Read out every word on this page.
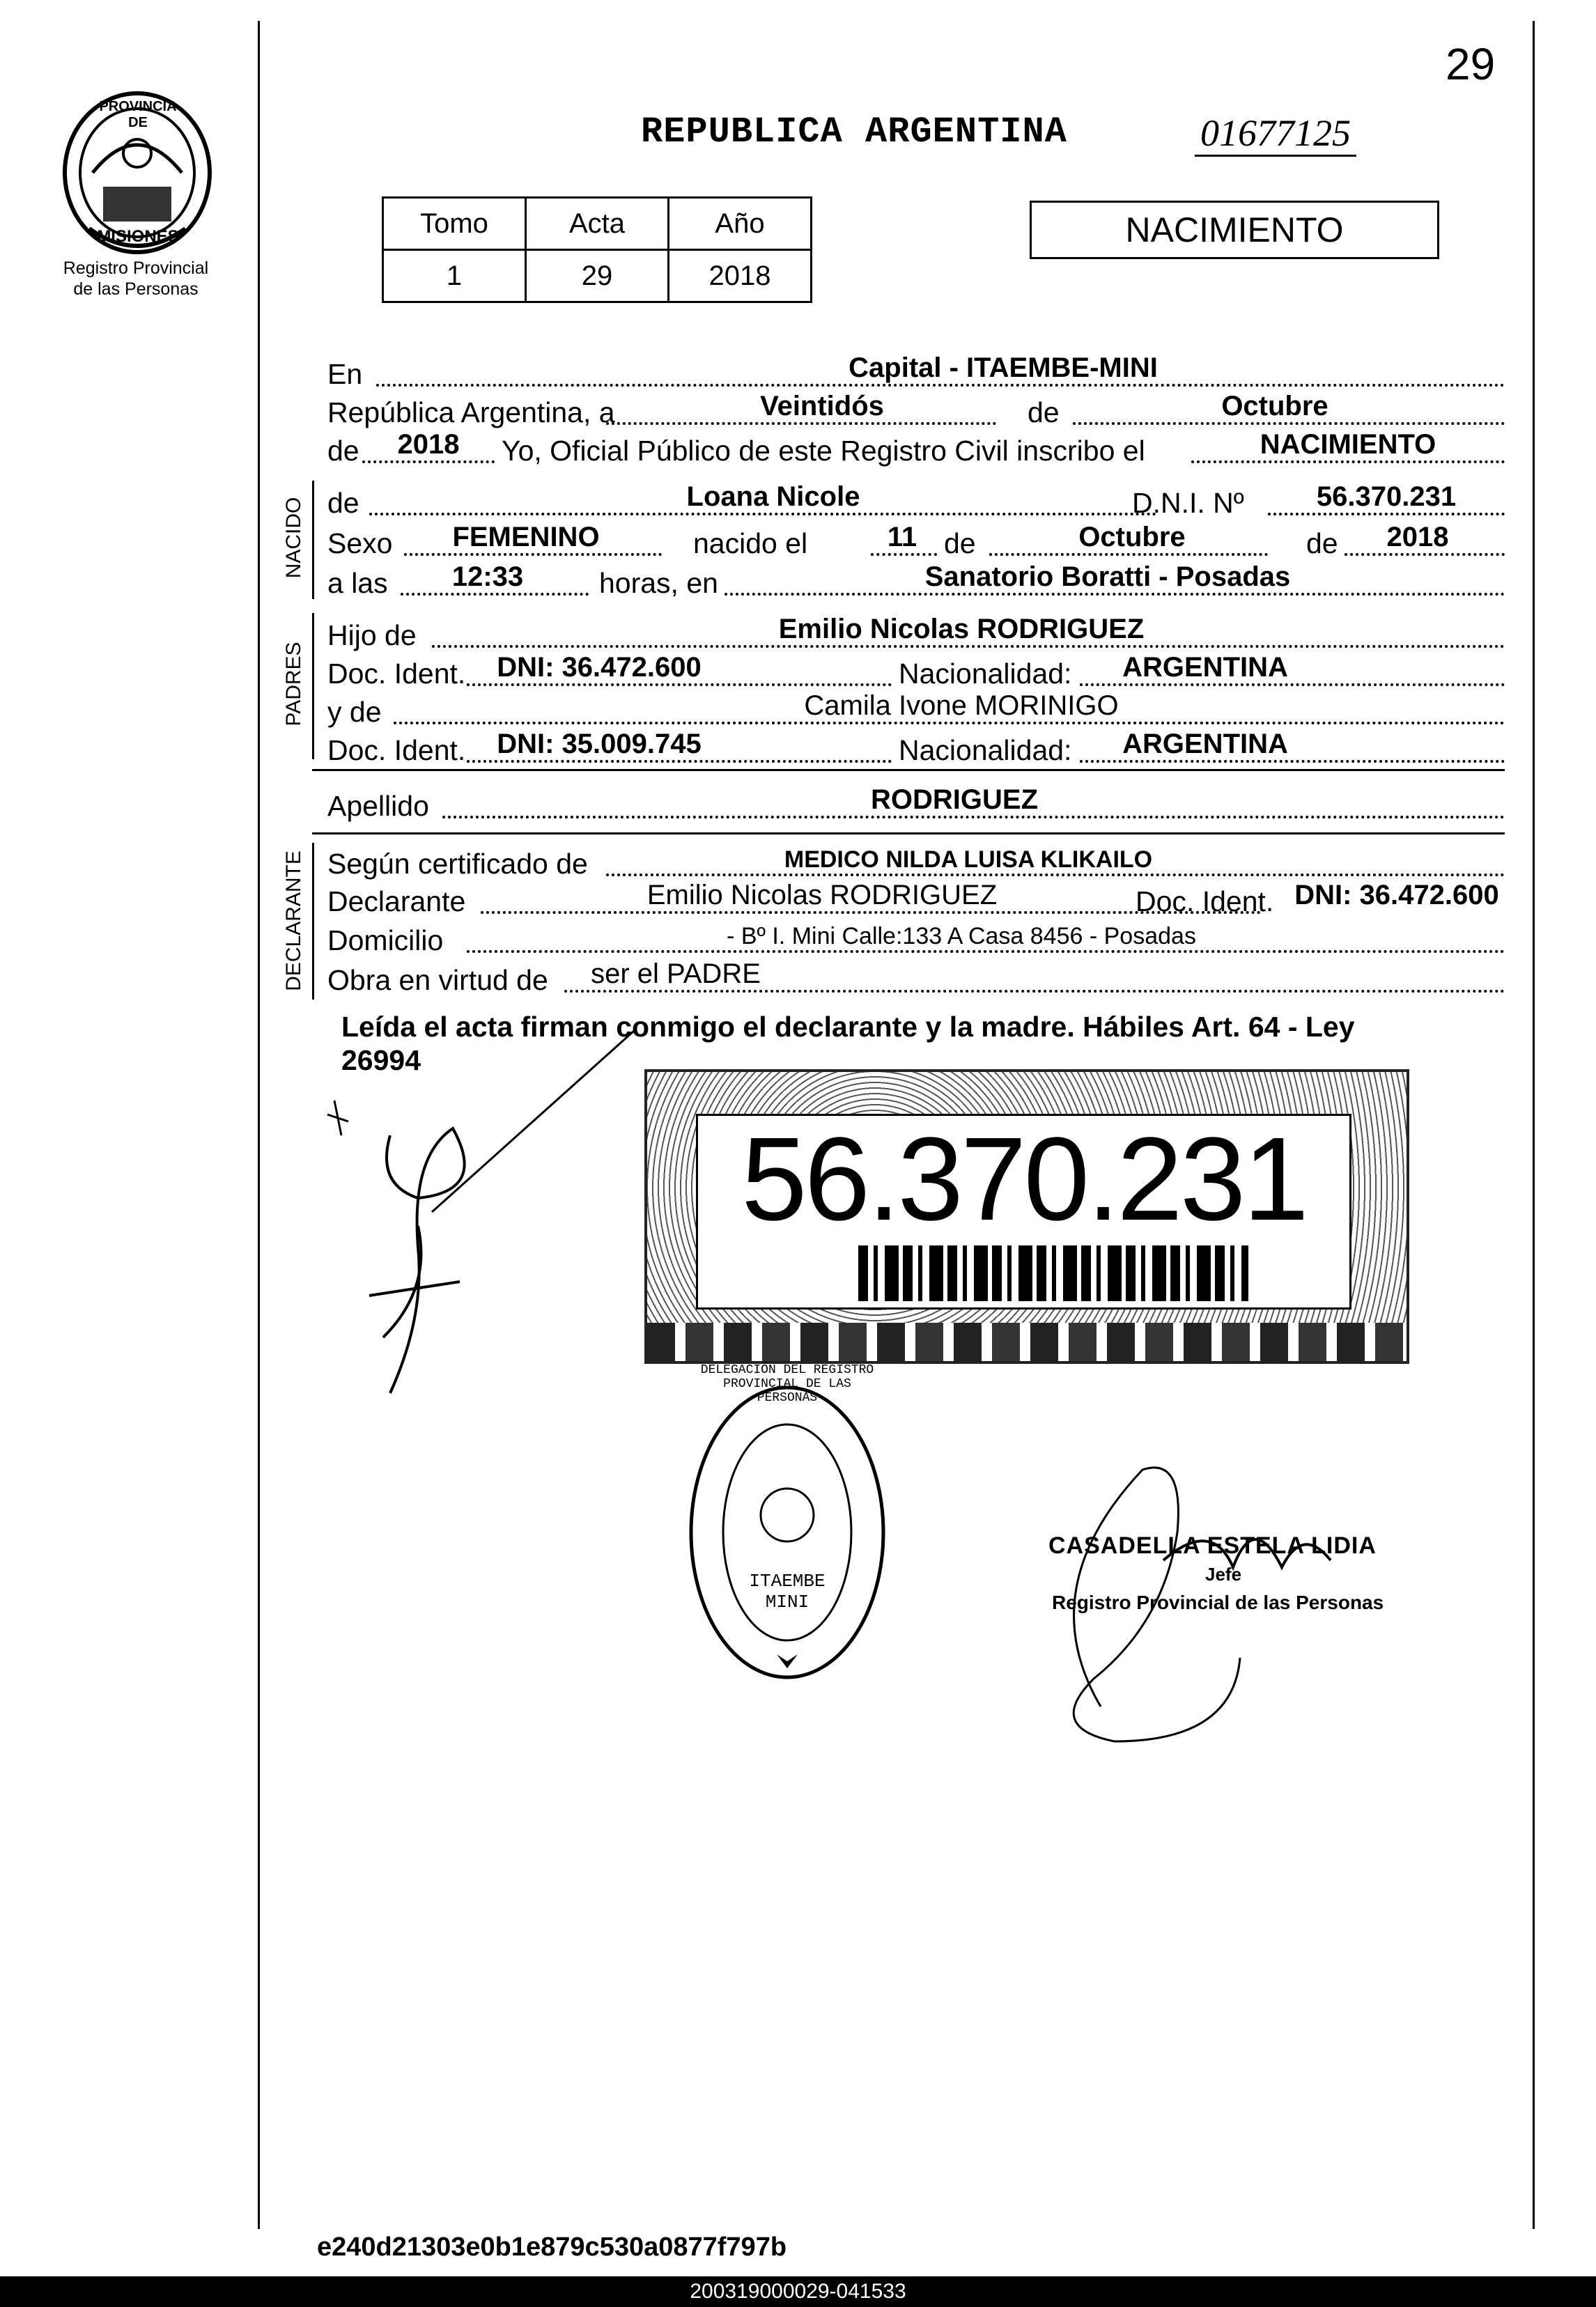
29
PROVINCIA DE
MISIONES
Registro Provincial
de las Personas
REPUBLICA ARGENTINA	01677125
Tomo	Acta	Año
1	29	2018
NACIMIENTO
En	Capital - ITAEMBE-MINI
República Argentina, a	Veintidós	de	Octubre
de	2018	Yo, Oficial Público de este Registro Civil inscribo el	NACIMIENTO
NACIDO de	Loana Nicole	D.N.I. Nº	56.370.231
Sexo	FEMENINO	nacido el	11 de	Octubre	de	2018
a las	12:33	horas, en	Sanatorio Boratti - Posadas
PADRES
Hijo de	Emilio Nicolas RODRIGUEZ
Doc. Ident.	DNI: 36.472.600	Nacionalidad:	ARGENTINA
y de	Camila Ivone MORINIGO
Doc. Ident.	DNI: 35.009.745	Nacionalidad:	ARGENTINA
Apellido	RODRIGUEZ
DECLARANTE Según certificado de	MEDICO NILDA LUISA KLIKAILO
Declarante	Emilio Nicolas RODRIGUEZ	Doc. Ident. DNI: 36.472.600
Domicilio	- Bº I. Mini Calle:133 A Casa 8456 - Posadas
Obra en virtud de	ser el PADRE
Leída el acta firman conmigo el declarante y la madre. Hábiles Art. 64 - Ley
26994
56.370.231
DELEGACIÓN DEL REGISTRO PROVINCIAL DE LAS PERSONAS
ITAEMBE MINI
CASADELLA ESTELA LIDIA
Jefe
Registro Provincial de las Personas
e240d21303e0b1e879c530a0877f797b
200319000029-041533
